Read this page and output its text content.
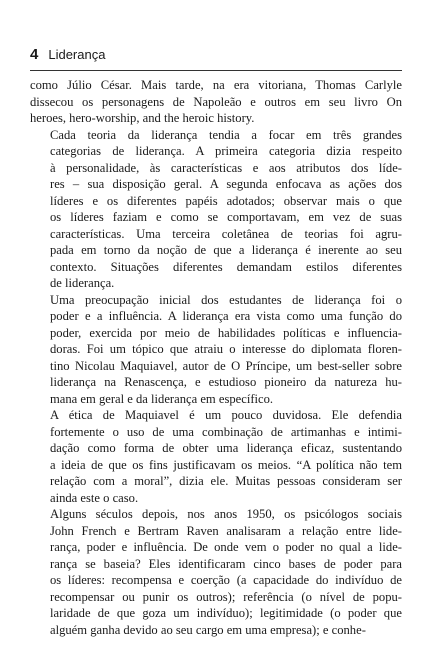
4 Liderança

como Júlio César. Mais tarde, na era vitoriana, Thomas Carlyle
dissecou os personagens de Napoleão e outros em seu livro On
heroes, hero-worship, and the heroic history.

Cada teoria da liderança tendia a focar em três grandes
categorias de liderança. A primeira categoria dizia respeito
à personalidade, às características e aos atributos dos líde-
res – sua disposição geral. A segunda enfocava as ações dos
líderes e os diferentes papéis adotados; observar mais o que
os líderes faziam e como se comportavam, em vez de suas
características. Uma terceira coletânea de teorias foi agru-
pada em torno da noção de que a liderança é inerente ao seu
contexto. Situações diferentes demandam estilos diferentes
de liderança.

Uma preocupação inicial dos estudantes de liderança foi o
poder e a influência. A liderança era vista como uma função do
poder, exercida por meio de habilidades políticas e influencia-
doras. Foi um tópico que atraiu o interesse do diplomata floren-
tino Nicolau Maquiavel, autor de O Príncipe, um best-seller sobre
liderança na Renascença, e estudioso pioneiro da natureza hu-
mana em geral e da liderança em específico.

A ética de Maquiavel é um pouco duvidosa. Ele defendia
fortemente o uso de uma combinação de artimanhas e intimi-
dação como forma de obter uma liderança eficaz, sustentando
a ideia de que os fins justificavam os meios. “A política não tem
relação com a moral”, dizia ele. Muitas pessoas consideram ser
ainda este o caso.

Alguns séculos depois, nos anos 1950, os psicólogos sociais
John French e Bertram Raven analisaram a relação entre lide-
rança, poder e influência. De onde vem o poder no qual a lide-
rança se baseia? Eles identificaram cinco bases de poder para
os líderes: recompensa e coerção (a capacidade do indivíduo de
recompensar ou punir os outros); referência (o nível de popu-
laridade de que goza um indivíduo); legitimidade (o poder que
alguém ganha devido ao seu cargo em uma empresa); e conhe-
